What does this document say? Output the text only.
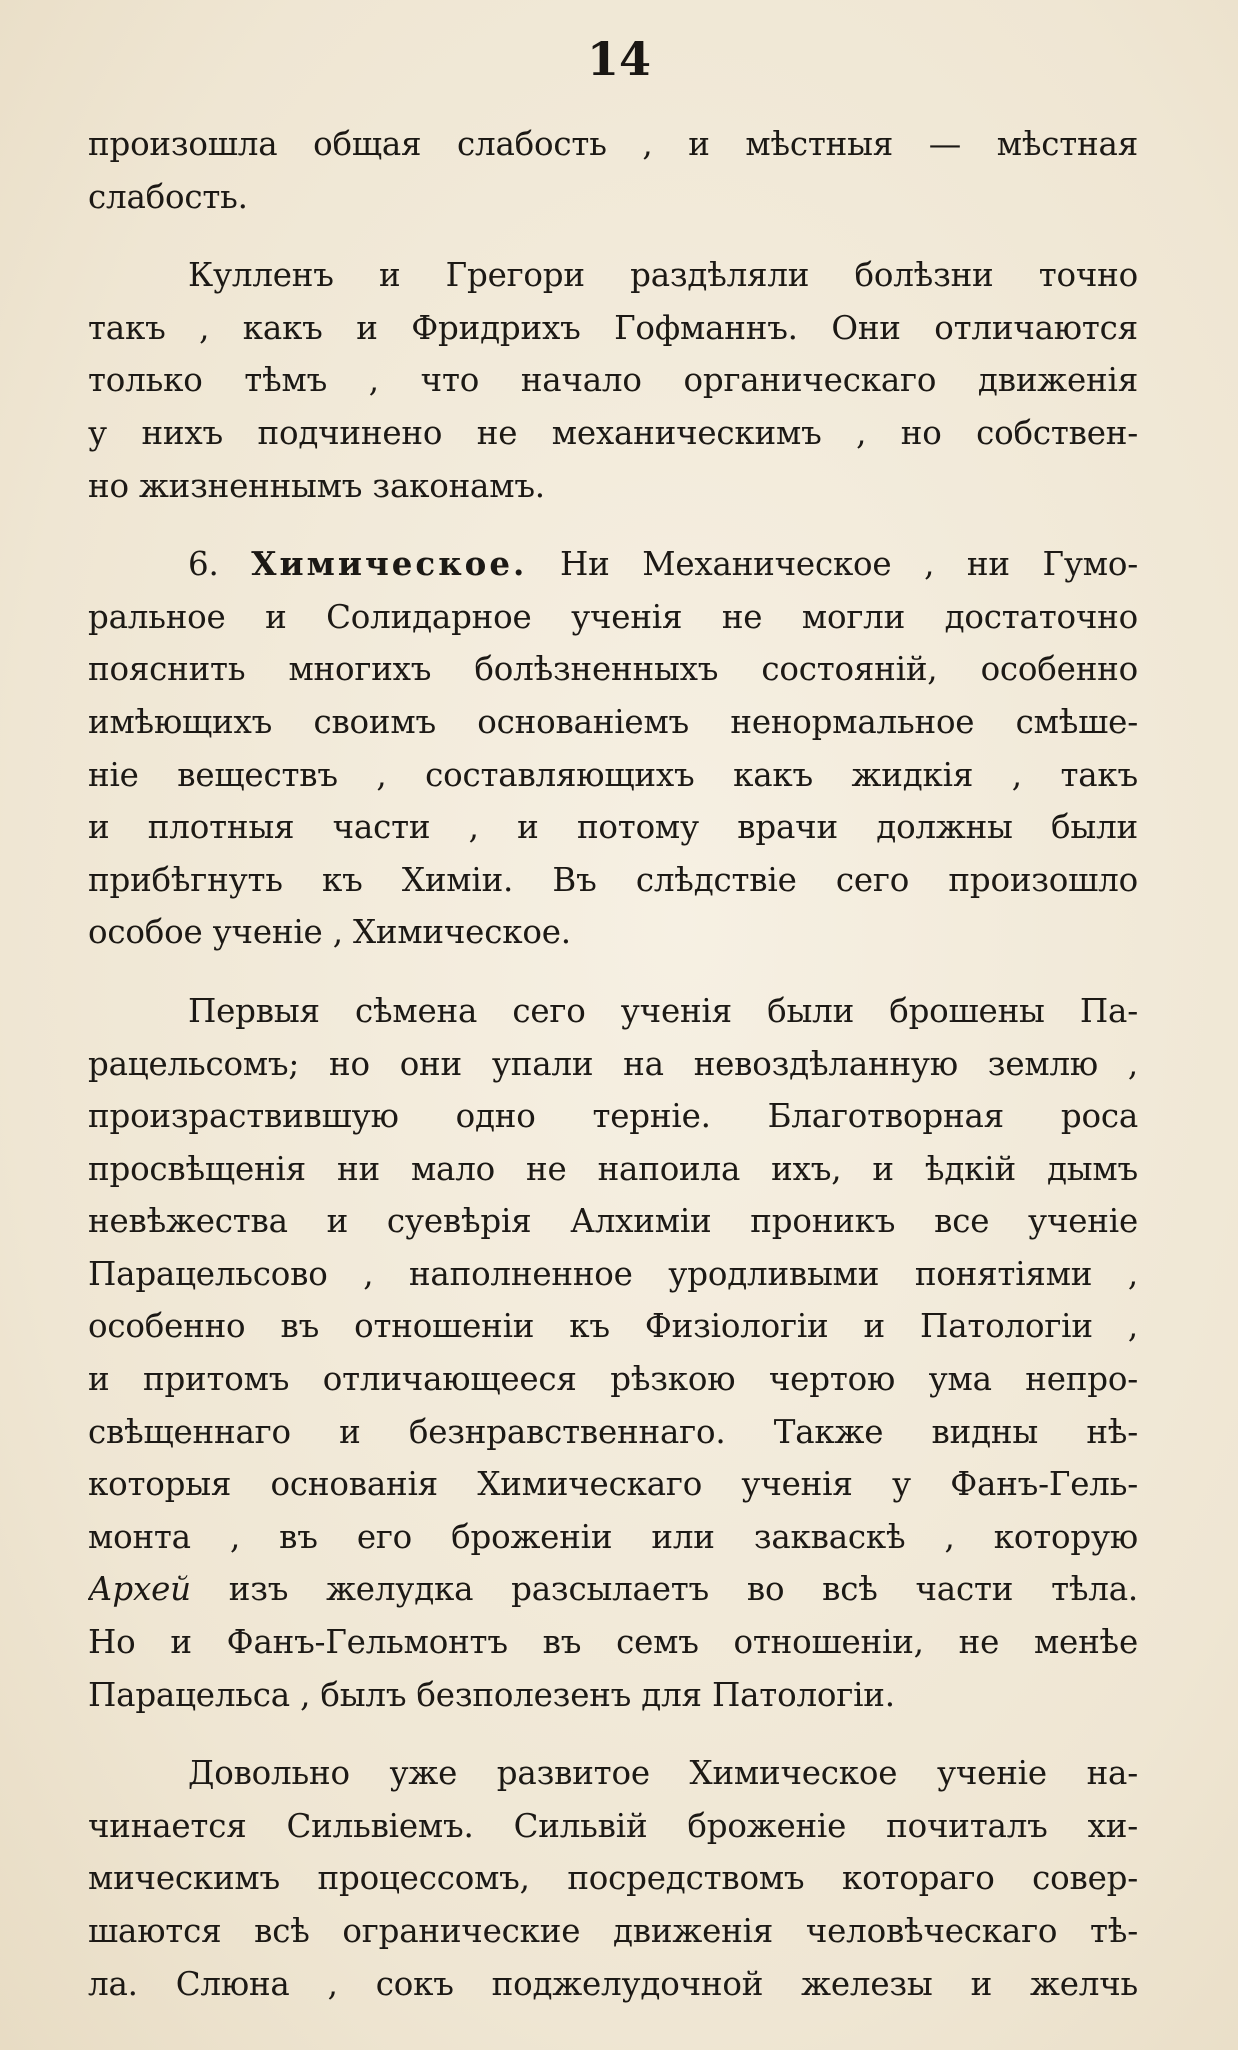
14
произошла общая слабость , и мѣстныя — мѣстная
слабость.
Кулленъ и Грегори раздѣляли болѣзни точно
такъ , какъ и Фридрихъ Гофманнъ. Они отличаются
только тѣмъ , что начало органическаго движенія
у нихъ подчинено не механическимъ , но собствен-
но жизненнымъ законамъ.
6. Химическое. Ни Механическое , ни Гумо-
ральное и Солидарное ученія не могли достаточно
пояснить многихъ болѣзненныхъ состояній, особенно
имѣющихъ своимъ основаніемъ ненормальное смѣше-
ніе веществъ , составляющихъ какъ жидкія , такъ
и плотныя части , и потому врачи должны были
прибѣгнуть къ Химіи. Въ слѣдствіе сего произошло
особое ученіе , Химическое.
Первыя сѣмена сего ученія были брошены Па-
рацельсомъ; но они упали на невоздѣланную землю ,
произраствившую одно терніе. Благотворная роса
просвѣщенія ни мало не напоила ихъ, и ѣдкій дымъ
невѣжества и суевѣрія Алхиміи проникъ все ученіе
Парацельсово , наполненное уродливыми понятіями ,
особенно въ отношеніи къ Физіологіи и Патологіи ,
и притомъ отличающееся рѣзкою чертою ума непро-
свѣщеннаго и безнравственнаго. Также видны нѣ-
которыя основанія Химическаго ученія у Фанъ-Гель-
монта , въ его броженіи или закваскѣ , которую
Архей изъ желудка разсылаетъ во всѣ части тѣла.
Но и Фанъ-Гельмонтъ въ семъ отношеніи, не менѣе
Парацельса , былъ безполезенъ для Патологіи.
Довольно уже развитое Химическое ученіе на-
чинается Сильвіемъ. Сильвій броженіе почиталъ хи-
мическимъ процессомъ, посредствомъ котораго совер-
шаются всѣ огранические движенія человѣческаго тѣ-
ла. Слюна , сокъ поджелудочной железы и желчь
